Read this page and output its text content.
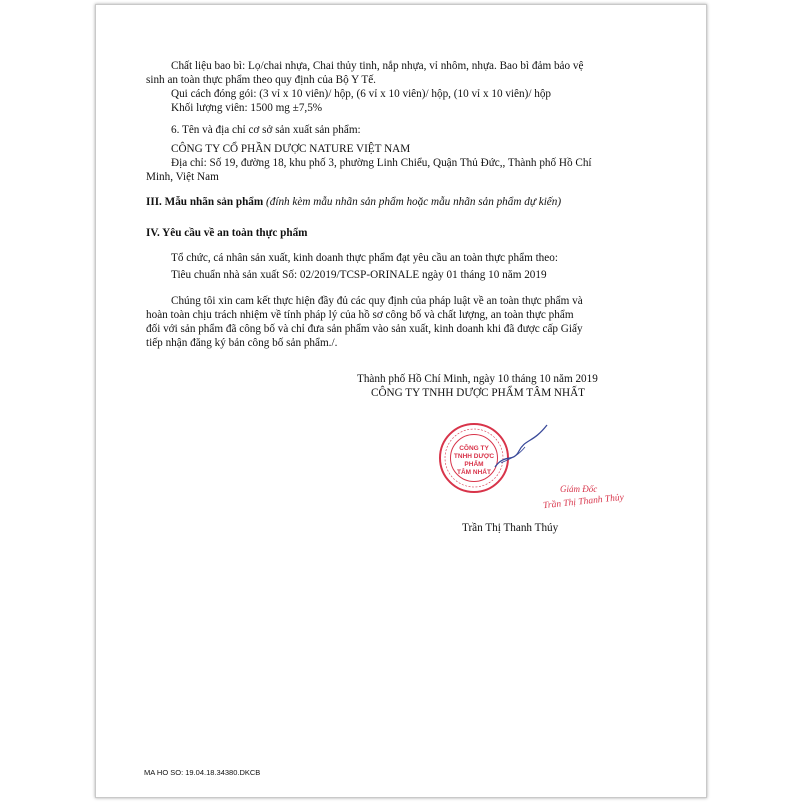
Chất liệu bao bì: Lọ/chai nhựa, Chai thủy tinh, nắp nhựa, vỉ nhôm, nhựa. Bao bì đảm bảo vệ
sinh an toàn thực phẩm theo quy định của Bộ Y Tế.
Qui cách đóng gói: (3 vỉ x 10 viên)/ hộp, (6 vỉ x 10 viên)/ hộp, (10 vỉ x 10 viên)/ hộp
Khối lượng viên: 1500 mg ±7,5%
6. Tên và địa chỉ cơ sở sản xuất sản phẩm:
CÔNG TY CỔ PHẦN DƯỢC NATURE VIỆT NAM
Địa chỉ: Số 19, đường 18, khu phố 3, phường Linh Chiểu, Quận Thủ Đức,, Thành phố Hồ Chí
Minh, Việt Nam
III. Mẫu nhãn sản phẩm (đính kèm mẫu nhãn sản phẩm hoặc mẫu nhãn sản phẩm dự kiến)
IV. Yêu cầu về an toàn thực phẩm
Tổ chức, cá nhân sản xuất, kinh doanh thực phẩm đạt yêu cầu an toàn thực phẩm theo:
Tiêu chuẩn nhà sản xuất Số: 02/2019/TCSP-ORINALE ngày 01 tháng 10 năm 2019
Chúng tôi xin cam kết thực hiện đầy đủ các quy định của pháp luật về an toàn thực phẩm và
hoàn toàn chịu trách nhiệm về tính pháp lý của hồ sơ công bố và chất lượng, an toàn thực phẩm
đối với sản phẩm đã công bố và chỉ đưa sản phẩm vào sản xuất, kinh doanh khi đã được cấp Giấy
tiếp nhận đăng ký bản công bố sản phẩm./.
Thành phố Hồ Chí Minh, ngày 10 tháng 10 năm 2019
CÔNG TY TNHH DƯỢC PHẨM TÂM NHẤT
CÔNG TY
TNHH DƯỢC PHẨM
TÂM NHẤT
Giám Đốc
Trần Thị Thanh Thủy
Trần Thị Thanh Thúy
MA HO SO: 19.04.18.34380.DKCB
